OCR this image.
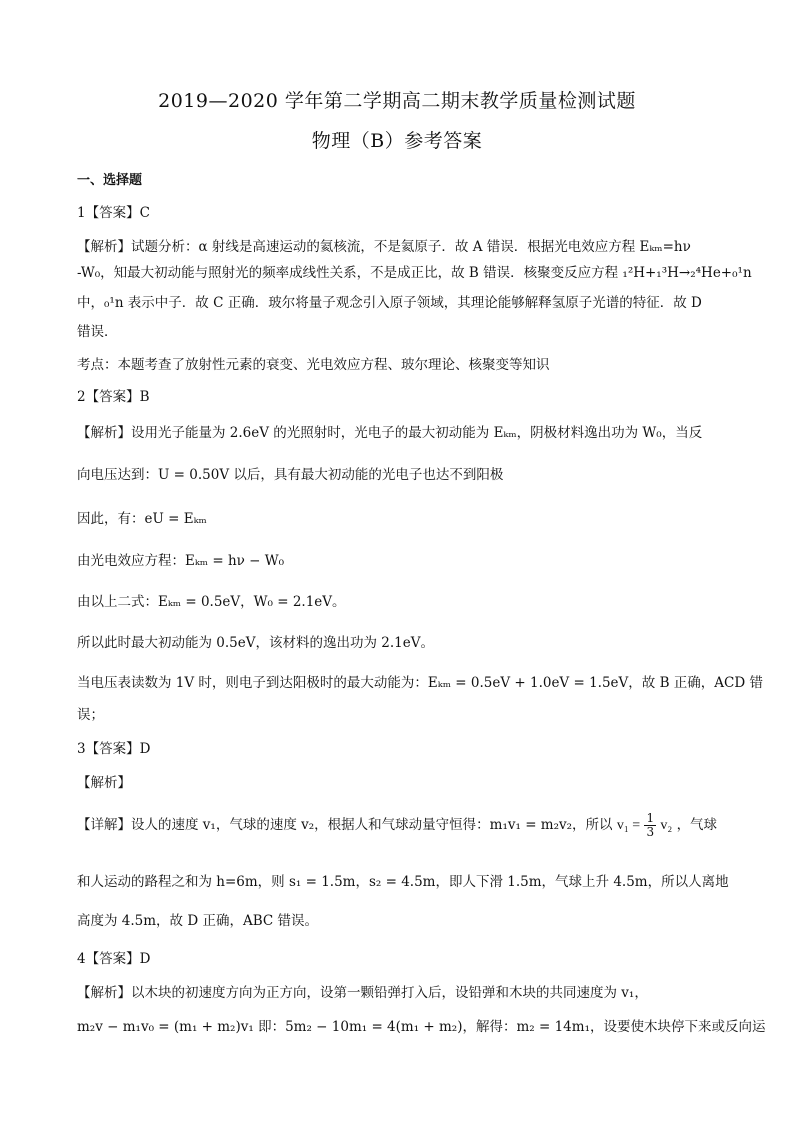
2019—2020 学年第二学期高二期末教学质量检测试题
物理（B）参考答案
一、选择题
1【答案】C
【解析】试题分析：α 射线是高速运动的氦核流，不是氦原子．故 A 错误．根据光电效应方程 Eₖₘ=hν
-W₀，知最大初动能与照射光的频率成线性关系，不是成正比，故 B 错误．核聚变反应方程 ₁²H+₁³H→₂⁴He+₀¹n
中，₀¹n 表示中子．故 C 正确．玻尔将量子观念引入原子领域，其理论能够解释氢原子光谱的特征．故 D
错误．
考点：本题考查了放射性元素的衰变、光电效应方程、玻尔理论、核聚变等知识
2【答案】B
【解析】设用光子能量为 2.6eV 的光照射时，光电子的最大初动能为 Eₖₘ，阴极材料逸出功为 W₀，当反
向电压达到：U = 0.50V 以后，具有最大初动能的光电子也达不到阳极
因此，有：eU = Eₖₘ
由光电效应方程：Eₖₘ = hν − W₀
由以上二式：Eₖₘ = 0.5eV，W₀ = 2.1eV。
所以此时最大初动能为 0.5eV，该材料的逸出功为 2.1eV。
当电压表读数为 1V 时，则电子到达阳极时的最大动能为：Eₖₘ = 0.5eV + 1.0eV = 1.5eV，故 B 正确，ACD 错
误；
3【答案】D
【解析】
【详解】设人的速度 v₁，气球的速度 v₂，根据人和气球动量守恒得：m₁v₁ = m₂v₂，所以 $v_1 = \frac{1}{3} v_2$ ，气球
和人运动的路程之和为 h=6m，则 s₁ = 1.5m，s₂ = 4.5m，即人下滑 1.5m，气球上升 4.5m，所以人离地
高度为 4.5m，故 D 正确，ABC 错误。
4【答案】D
【解析】以木块的初速度方向为正方向，设第一颗铅弹打入后，设铅弹和木块的共同速度为 v₁，
m₂v − m₁v₀ = (m₁ + m₂)v₁ 即：5m₂ − 10m₁ = 4(m₁ + m₂)，解得：m₂ = 14m₁，设要使木块停下来或反向运
